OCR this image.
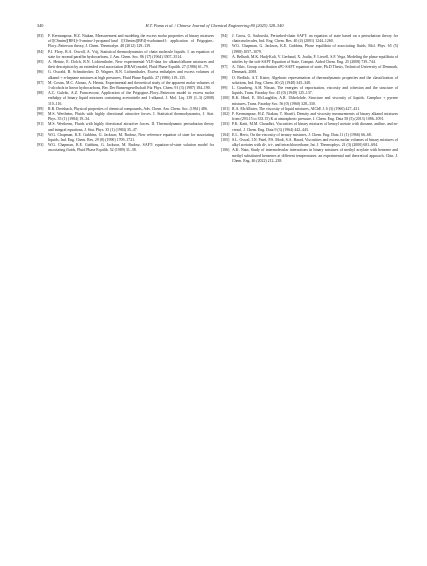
340	H.T. Pama et al. / Chinese Journal of Chemical Engineering 80 (2025) 328–340

[83] F. Kermanpour, H.Z. Niakan, Measurement and modeling the excess molar properties of binary mixtures of{[C6mim][BF4]+3-amino-1-propanol}and {[C6mim][BF4]+isobutanol}: application of Prigogine–Flory–Patterson theory, J. Chem. Thermodyn. 48 (2012) 129–139.

[84] P.J. Flory, R.A. Orwoll, A. Vrij, Statistical thermodynamics of chain molecule liquids. I. an equation of state for normal paraffin hydrocarbons, J. Am. Chem. Soc. 86 (17) (1964) 3507–3514.

[85] A. Heintz, E. Dolch, R.N. Lichtenthaler, New experimental VLE-data for alkanol/alkane mixtures and their description by an extended real association (ERAS) model, Fluid Phase Equilib. 27 (1986) 61–79.

[86] G. Oswald, R. Schmittecker, D. Wagner, R.N. Lichtenthaler, Excess enthalpies and excess volumes of alkanol + n-heptane mixtures at high pressures, Fluid Phase Equilib. 27 (1986) 119–135.

[87] M. Costas, M.C. Alonso, A. Heintz, Experimental and theoretical study of the apparent molar volumes of 1-alcohols in linear hydrocarbons, Ber. Der Bunsengesellschaft Für Phys. Chem. 91 (3) (1987) 184–190.

[88] A.C. Galvão, A.Z. Francesconi, Application of the Prigogine–Flory–Patterson model to excess molar enthalpy of binary liquid mixtures containing acetonitrile and 1-alkanol, J. Mol. Liq. 139 (1–3) (2008) 110–116.

[89] R.R. Dreisbach, Physical properties of chemical compounds, Adv. Chem. Am. Chem. Soc. (1961) 486.

[90] M.S. Wertheim, Fluids with highly directional attractive forces. I. Statistical thermodynamics, J. Stat. Phys. 35 (1) (1984) 19–34.

[91] M.S. Wertheim, Fluids with highly directional attractive forces. II. Thermodynamic perturbation theory and integral equations, J. Stat. Phys. 35 (1) (1984) 35–47.

[92] W.G. Chapman, K.E. Gubbins, G. Jackson, M. Radosz, New reference equation of state for associating liquids, Ind. Eng. Chem. Res. 29 (8) (1990) 1709–1721.

[93] W.G. Chapman, K.E. Gubbins, G. Jackson, M. Radosz, SAFT: equation-of-state solution model for associating fluids, Fluid Phase Equilib. 52 (1989) 31–38.

[94] J. Gross, G. Sadowski, Perturbed-chain SAFT: an equation of state based on a perturbation theory for chain molecules, Ind. Eng. Chem. Res. 40 (4) (2001) 1244–1260.

[95] W.G. Chapman, G. Jackson, K.E. Gubbins, Phase equilibria of associating fluids, Mol. Phys. 65 (5) (1988) 1057–1079.

[96] A. Belhadi, M.K. Hadj-Kali, V. Gerbaud, X. Joulia, F. Lisvell, S.F. Vega, Modeling the phase equilibria of nitriles by the soft-SAFT Equation of State, Comput. Aided Chem. Eng. 25 (2008) 739–744.

[97] A. Tihic, Group contribution sPC-SAFT equation of state, Ph.D Thesis, Technical University of Denmark, Denmark, 2008.

[98] O. Redlich, A.T. Kister, Algebraic representation of thermodynamic properties and the classification of solutions, Ind. Eng. Chem. 40 (2) (1948) 345–348.

[99] L. Grunberg, A.H. Nissan, The energies of vaporisation, viscosity and cohesion and the structure of liquids, Trans. Faraday Soc. 45 (0) (1949) 125–137.

[100] R.K. Hind, E. McLaughlin, A.R. Ubbelohde, Structure and viscosity of liquids. Camphor + pyrene mixtures, Trans. Faraday Soc. 56 (0) (1960) 328–330.

[101] R.A. McAllister, The viscosity of liquid mixtures, AIChE J. 6 (3) (1960) 427–431.

[102] F. Kermanpour, H.Z. Niakan, T. Sharifi, Density and viscosity measurements of binary alkanol mixtures from (293.15 to 333.15) K at atmospheric pressure, J. Chem. Eng. Data 58 (5) (2013) 1086–1091.

[103] P.K. Katti, M.M. Chaudhri, Viscosities of binary mixtures of benzyl acetate with dioxane, aniline, and m-cresol, J. Chem. Eng. Data 9 (3) (1964) 442–443.

[104] E.L. Heric, On the viscosity of ternary mixtures, J. Chem. Eng. Data 11 (1) (1966) 66–68.

[105] S.L. Oswal, I.N. Patel, P.S. Modi, S.A. Barad, Viscosities and excess molar volumes of binary mixtures of alkyl acetates with di-, tri-, and tetrachloroethane, Int. J. Thermophys. 21 (3) (2000) 681–694.

[106] A.K. Nain, Study of intermolecular interactions in binary mixtures of methyl acrylate with benzene and methyl substituted benzenes at different temperatures: an experimental and theoretical approach, Chin. J. Chem. Eng. 46 (2022) 212–238.
